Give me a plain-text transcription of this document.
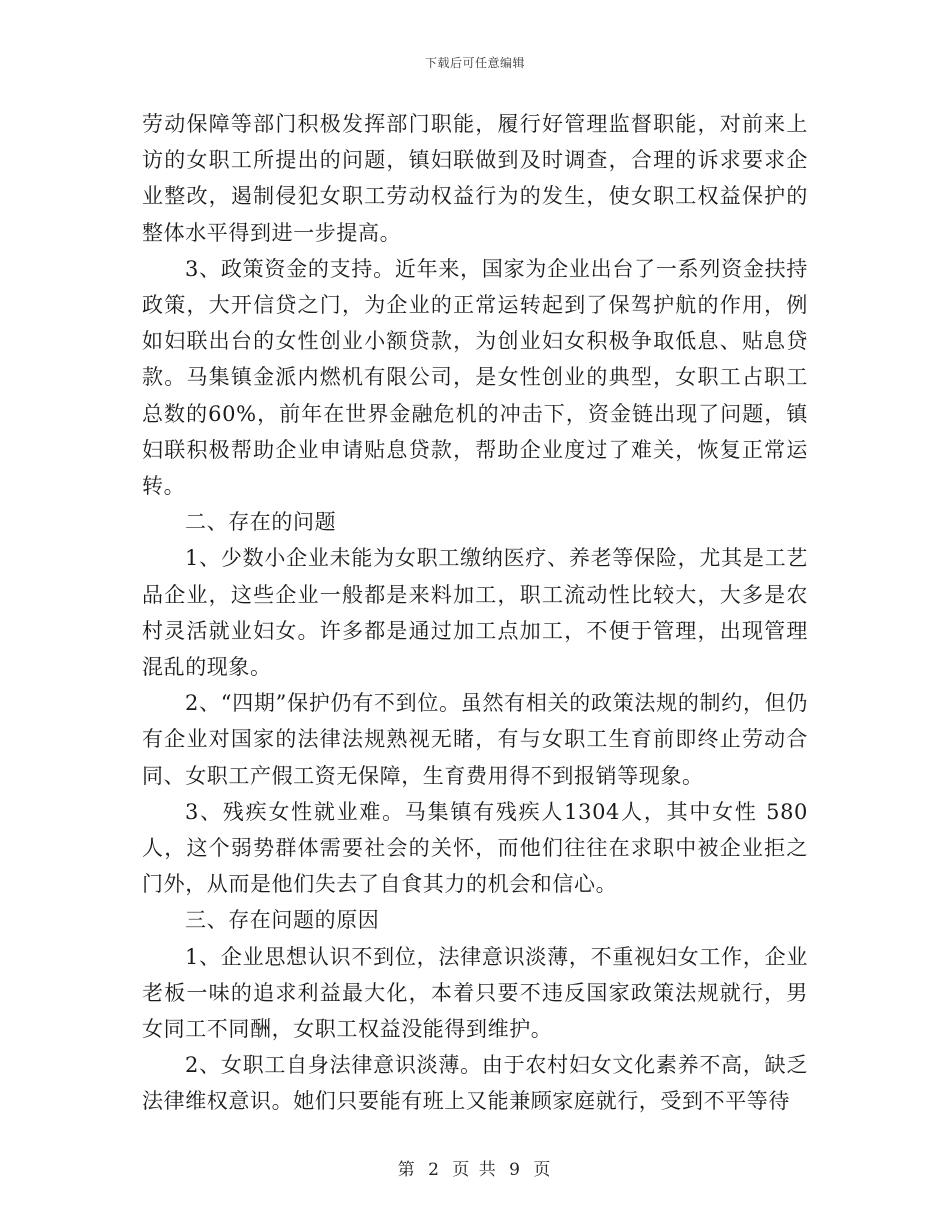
下载后可任意编辑

劳动保障等部门积极发挥部门职能，履行好管理监督职能，对前来上访的女职工所提出的问题，镇妇联做到及时调查，合理的诉求要求企业整改，遏制侵犯女职工劳动权益行为的发生，使女职工权益保护的整体水平得到进一步提高。

3、政策资金的支持。近年来，国家为企业出台了一系列资金扶持政策，大开信贷之门，为企业的正常运转起到了保驾护航的作用，例如妇联出台的女性创业小额贷款，为创业妇女积极争取低息、贴息贷款。马集镇金派内燃机有限公司，是女性创业的典型，女职工占职工总数的60%，前年在世界金融危机的冲击下，资金链出现了问题，镇妇联积极帮助企业申请贴息贷款，帮助企业度过了难关，恢复正常运转。

二、存在的问题

1、少数小企业未能为女职工缴纳医疗、养老等保险，尤其是工艺品企业，这些企业一般都是来料加工，职工流动性比较大，大多是农村灵活就业妇女。许多都是通过加工点加工，不便于管理，出现管理混乱的现象。

2、“四期”保护仍有不到位。虽然有相关的政策法规的制约，但仍有企业对国家的法律法规熟视无睹，有与女职工生育前即终止劳动合同、女职工产假工资无保障，生育费用得不到报销等现象。

3、残疾女性就业难。马集镇有残疾人1304人，其中女性 580人，这个弱势群体需要社会的关怀，而他们往往在求职中被企业拒之门外，从而是他们失去了自食其力的机会和信心。

三、存在问题的原因

1、企业思想认识不到位，法律意识淡薄，不重视妇女工作，企业老板一味的追求利益最大化，本着只要不违反国家政策法规就行，男女同工不同酬，女职工权益没能得到维护。

2、女职工自身法律意识淡薄。由于农村妇女文化素养不高，缺乏法律维权意识。她们只要能有班上又能兼顾家庭就行，受到不平等待

第 2 页 共 9 页
